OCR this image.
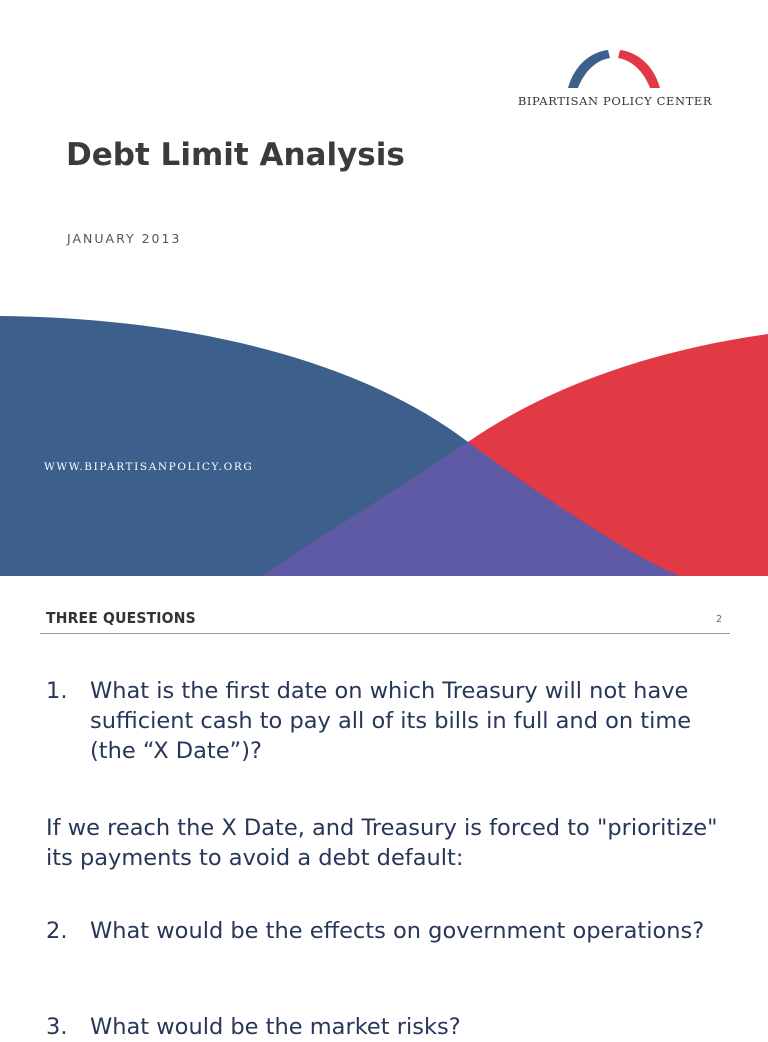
BIPARTISAN POLICY CENTER
Debt Limit Analysis
JANUARY 2013
WWW.BIPARTISANPOLICY.ORG
THREE QUESTIONS	2
1.	What is the first date on which Treasury will not have sufficient cash to pay all of its bills in full and on time (the “X Date”)?
If we reach the X Date, and Treasury is forced to "prioritize" its payments to avoid a debt default:
2.	What would be the effects on government operations?
3.	What would be the market risks?
